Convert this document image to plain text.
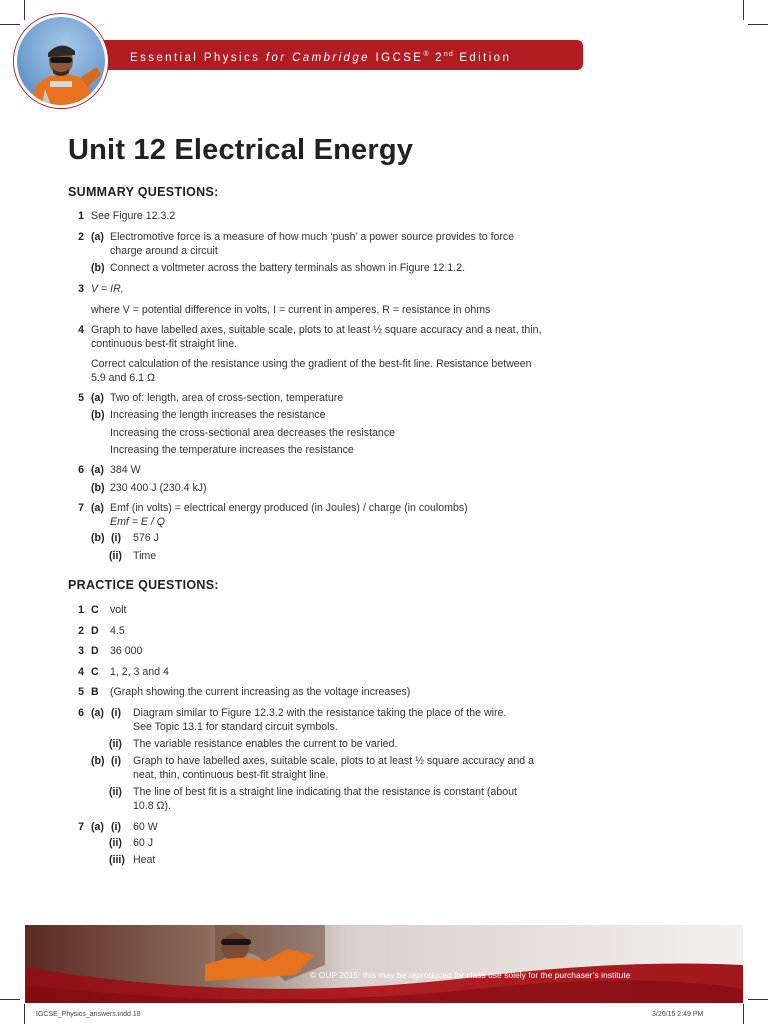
Essential Physics for Cambridge IGCSE® 2nd Edition
Unit 12 Electrical Energy
SUMMARY QUESTIONS:
1 See Figure 12.3.2
2 (a) Electromotive force is a measure of how much ‘push’ a power source provides to force
charge around a circuit
(b) Connect a voltmeter across the battery terminals as shown in Figure 12.1.2.
3 V = IR,
where V = potential difference in volts, I = current in amperes, R = resistance in ohms
4 Graph to have labelled axes, suitable scale, plots to at least ½ square accuracy and a neat, thin,
continuous best-fit straight line.
Correct calculation of the resistance using the gradient of the best-fit line. Resistance between
5.9 and 6.1 Ω
5 (a) Two of: length, area of cross-section, temperature
(b) Increasing the length increases the resistance
Increasing the cross-sectional area decreases the resistance
Increasing the temperature increases the resistance
6 (a) 384 W
(b) 230 400 J (230.4 kJ)
7 (a) Emf (in volts) = electrical energy produced (in Joules) / charge (in coulombs)
Emf = E / Q
(b) (i) 576 J
(ii) Time
PRACTICE QUESTIONS:
1 C volt
2 D 4.5
3 D 36 000
4 C 1, 2, 3 and 4
5 B (Graph showing the current increasing as the voltage increases)
6 (a) (i) Diagram similar to Figure 12.3.2 with the resistance taking the place of the wire.
See Topic 13.1 for standard circuit symbols.
(ii) The variable resistance enables the current to be varied.
(b) (i) Graph to have labelled axes, suitable scale, plots to at least ½ square accuracy and a
neat, thin, continuous best-fit straight line.
(ii) The line of best fit is a straight line indicating that the resistance is constant (about
10.8 Ω).
7 (a) (i) 60 W
(ii) 60 J
(iii) Heat
© OUP 2015: this may be reproduced for class use solely for the purchaser’s institute
IGCSE_Physics_answers.indd 18	3/20/15 2:49 PM
